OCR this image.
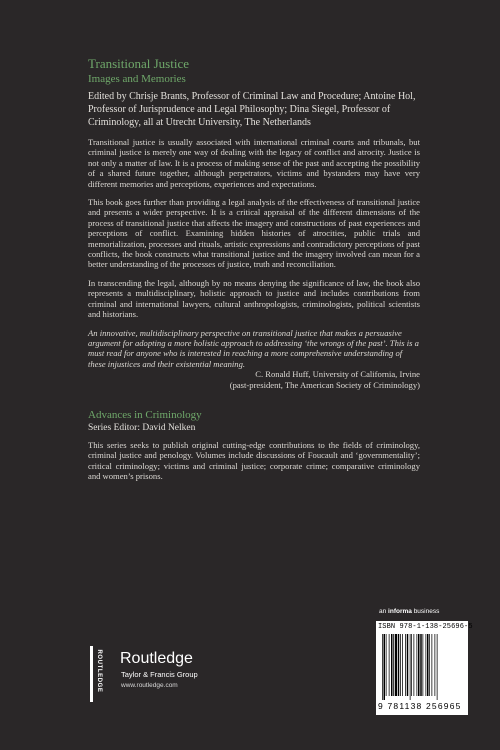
Transitional Justice
Images and Memories
Edited by Chrisje Brants, Professor of Criminal Law and Procedure; Antoine Hol, Professor of Jurisprudence and Legal Philosophy; Dina Siegel, Professor of Criminology, all at Utrecht University, The Netherlands
Transitional justice is usually associated with international criminal courts and tribunals, but criminal justice is merely one way of dealing with the legacy of conflict and atrocity. Justice is not only a matter of law. It is a process of making sense of the past and accepting the possibility of a shared future together, although perpetrators, victims and bystanders may have very different memories and perceptions, experiences and expectations.
This book goes further than providing a legal analysis of the effectiveness of transitional justice and presents a wider perspective. It is a critical appraisal of the different dimensions of the process of transitional justice that affects the imagery and constructions of past experiences and perceptions of conflict. Examining hidden histories of atrocities, public trials and memorialization, processes and rituals, artistic expressions and contradictory perceptions of past conflicts, the book constructs what transitional justice and the imagery involved can mean for a better understanding of the processes of justice, truth and reconciliation.
In transcending the legal, although by no means denying the significance of law, the book also represents a multidisciplinary, holistic approach to justice and includes contributions from criminal and international lawyers, cultural anthropologists, criminologists, political scientists and historians.
An innovative, multidisciplinary perspective on transitional justice that makes a persuasive argument for adopting a more holistic approach to addressing ‘the wrongs of the past’. This is a must read for anyone who is interested in reaching a more comprehensive understanding of these injustices and their existential meaning.
C. Ronald Huff, University of California, Irvine
(past-president, The American Society of Criminology)
Advances in Criminology
Series Editor: David Nelken
This series seeks to publish original cutting-edge contributions to the fields of criminology, criminal justice and penology. Volumes include discussions of Foucault and ‘governmentality’; critical criminology; victims and criminal justice; corporate crime; comparative criminology and women’s prisons.
an informa business
ISBN 978-1-138-25696-5
9 781138 256965
ROUTLEDGE Routledge
Taylor & Francis Group
www.routledge.com
